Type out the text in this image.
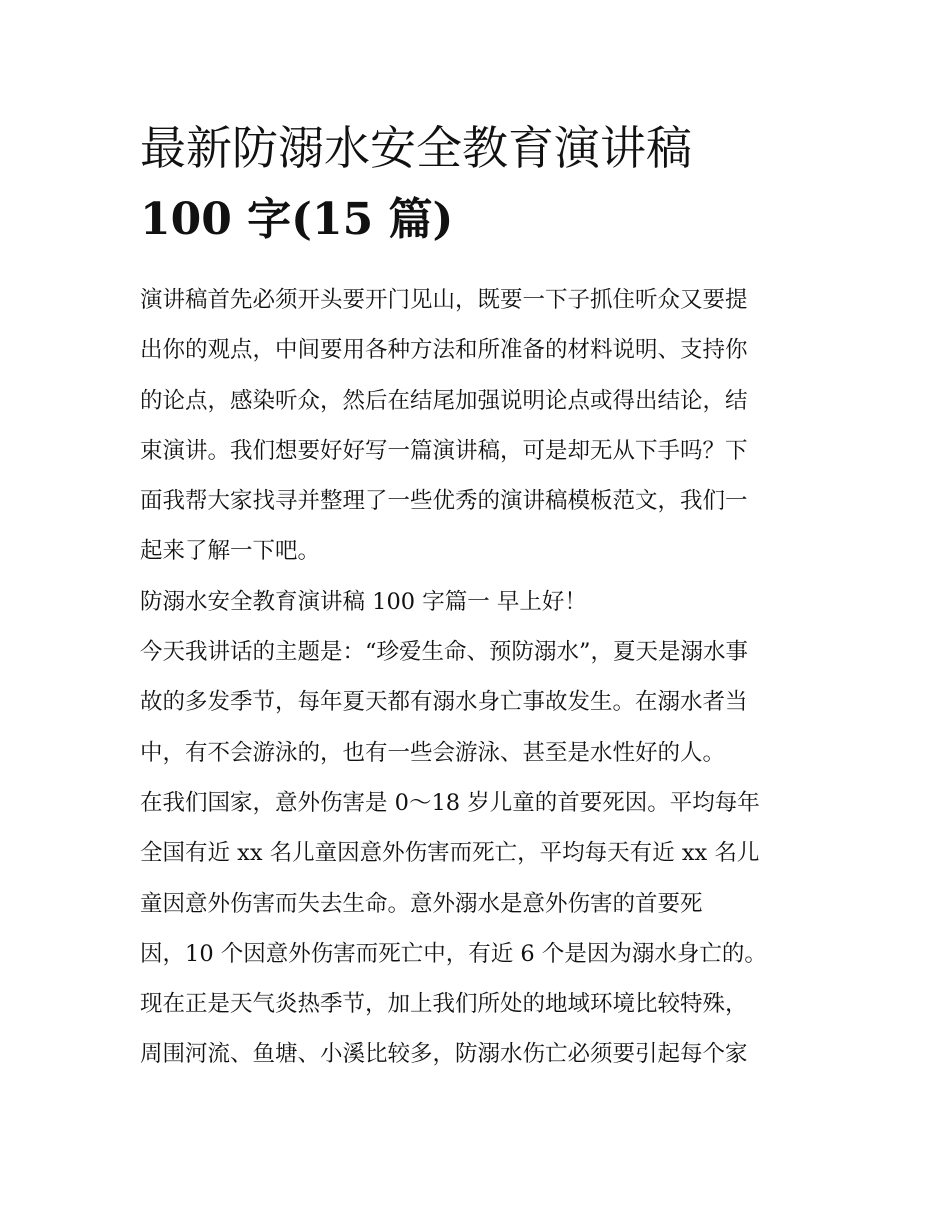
最新防溺水安全教育演讲稿
100 字(15 篇)
演讲稿首先必须开头要开门见山，既要一下子抓住听众又要提
出你的观点，中间要用各种方法和所准备的材料说明、支持你
的论点，感染听众，然后在结尾加强说明论点或得出结论，结
束演讲。我们想要好好写一篇演讲稿，可是却无从下手吗？下
面我帮大家找寻并整理了一些优秀的演讲稿模板范文，我们一
起来了解一下吧。
防溺水安全教育演讲稿 100 字篇一 早上好！
今天我讲话的主题是：“珍爱生命、预防溺水”，夏天是溺水事
故的多发季节，每年夏天都有溺水身亡事故发生。在溺水者当
中，有不会游泳的，也有一些会游泳、甚至是水性好的人。
在我们国家，意外伤害是 0～18 岁儿童的首要死因。平均每年
全国有近 xx 名儿童因意外伤害而死亡，平均每天有近 xx 名儿
童因意外伤害而失去生命。意外溺水是意外伤害的首要死
因，10 个因意外伤害而死亡中，有近 6 个是因为溺水身亡的。
现在正是天气炎热季节，加上我们所处的地域环境比较特殊，
周围河流、鱼塘、小溪比较多，防溺水伤亡必须要引起每个家
